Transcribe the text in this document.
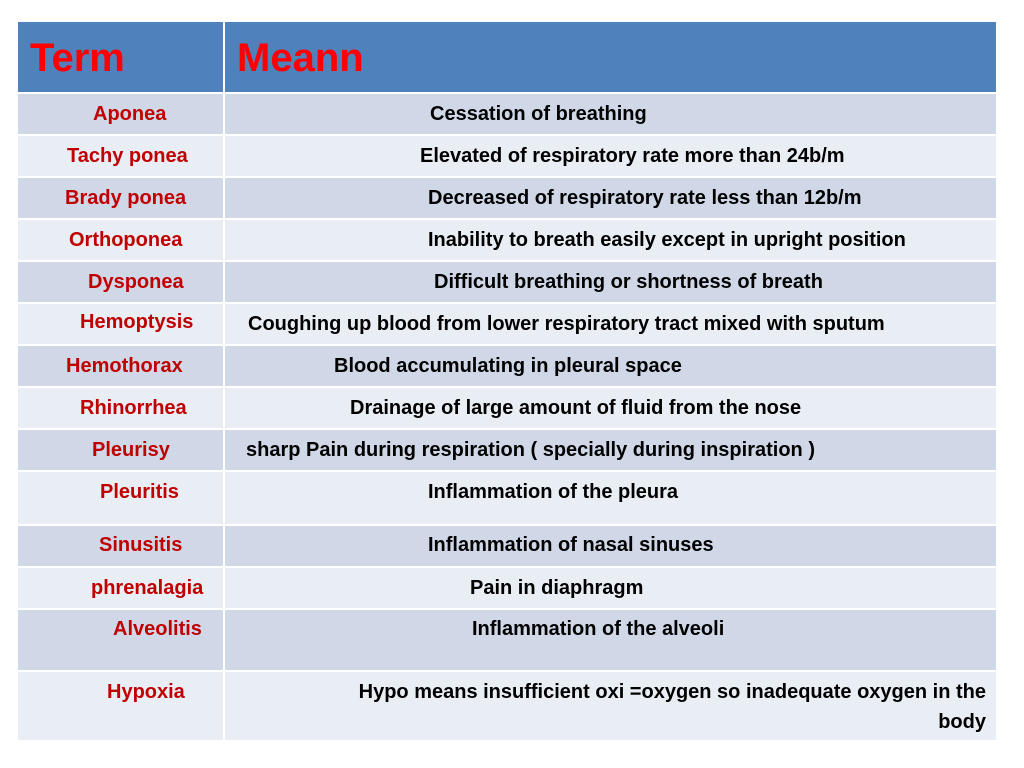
Term	Meann
Aponea	Cessation of breathing
Tachy ponea	Elevated of respiratory rate more than 24b/m
Brady ponea	Decreased of respiratory rate less than 12b/m
Orthoponea	Inability to breath easily except in upright position
Dysponea	Difficult breathing or shortness of breath
Hemoptysis	Coughing up blood from lower respiratory tract mixed with sputum
Hemothorax	Blood accumulating in pleural space
Rhinorrhea	Drainage of large amount of fluid from the nose
Pleurisy	sharp Pain during respiration ( specially during inspiration )
Pleuritis	Inflammation of the pleura
Sinusitis	Inflammation of nasal sinuses
phrenalagia	Pain in diaphragm
Alveolitis	Inflammation of the alveoli
Hypoxia	Hypo means insufficient oxi =oxygen so inadequate oxygen in the
body
